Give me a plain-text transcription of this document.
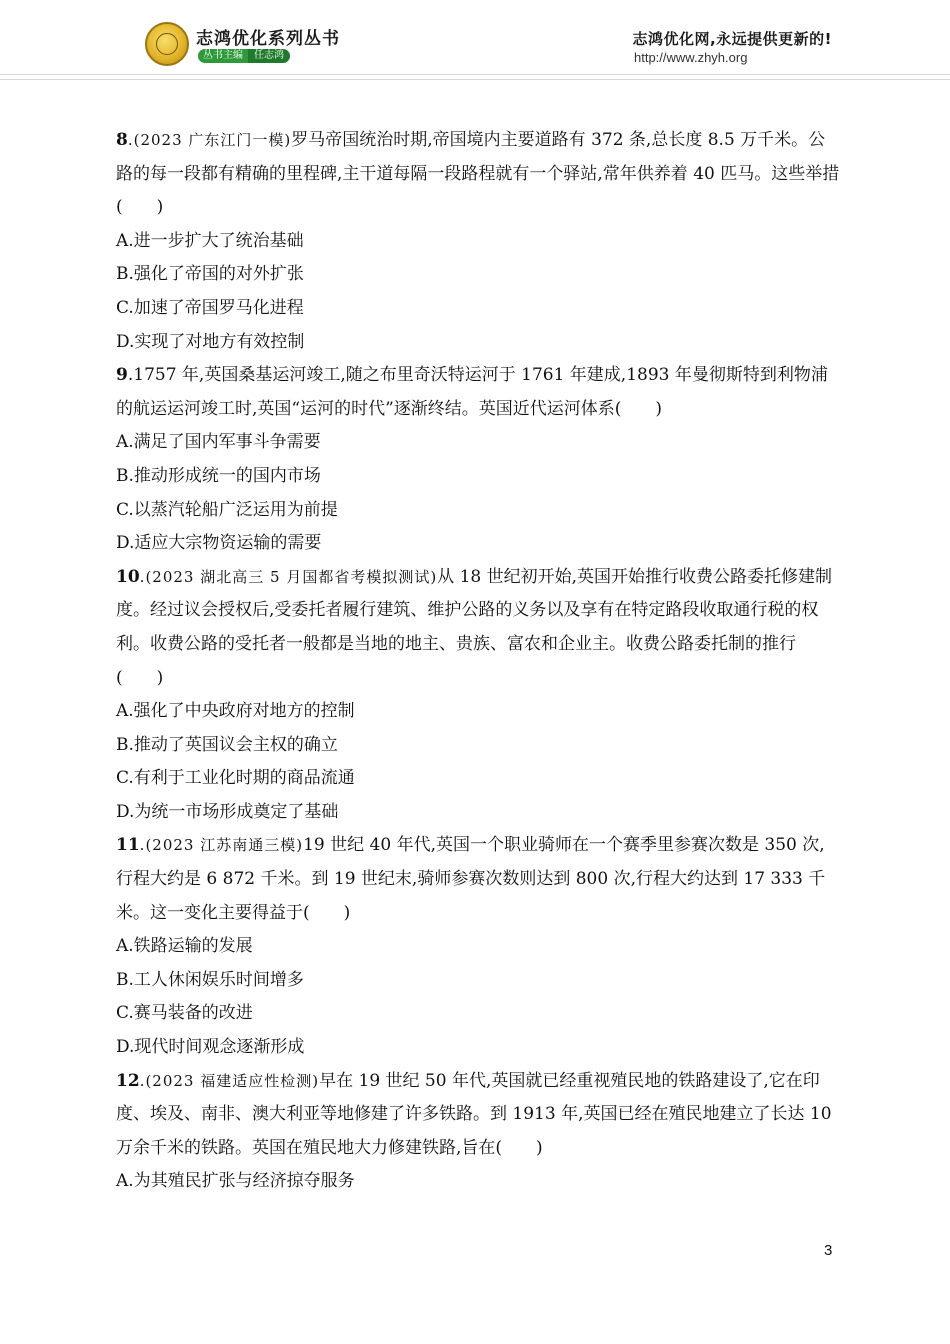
志鸿优化系列丛书
丛书主编	任志鸿
志鸿优化网,永远提供更新的!
http://www.zhyh.org

8.(2023 广东江门一模)罗马帝国统治时期,帝国境内主要道路有 372 条,总长度 8.5 万千米。公路的每一段都有精确的里程碑,主干道每隔一段路程就有一个驿站,常年供养着 40 匹马。这些举措(　　)

A.进一步扩大了统治基础

B.强化了帝国的对外扩张

C.加速了帝国罗马化进程

D.实现了对地方有效控制

9.1757 年,英国桑基运河竣工,随之布里奇沃特运河于 1761 年建成,1893 年曼彻斯特到利物浦的航运运河竣工时,英国“运河的时代”逐渐终结。英国近代运河体系(　　)

A.满足了国内军事斗争需要

B.推动形成统一的国内市场

C.以蒸汽轮船广泛运用为前提

D.适应大宗物资运输的需要

10.(2023 湖北高三 5 月国都省考模拟测试)从 18 世纪初开始,英国开始推行收费公路委托修建制度。经过议会授权后,受委托者履行建筑、维护公路的义务以及享有在特定路段收取通行税的权利。收费公路的受托者一般都是当地的地主、贵族、富农和企业主。收费公路委托制的推行(　　)

A.强化了中央政府对地方的控制

B.推动了英国议会主权的确立

C.有利于工业化时期的商品流通

D.为统一市场形成奠定了基础

11.(2023 江苏南通三模)19 世纪 40 年代,英国一个职业骑师在一个赛季里参赛次数是 350 次,行程大约是 6 872 千米。到 19 世纪末,骑师参赛次数则达到 800 次,行程大约达到 17 333 千米。这一变化主要得益于(　　)

A.铁路运输的发展

B.工人休闲娱乐时间增多

C.赛马装备的改进

D.现代时间观念逐渐形成

12.(2023 福建适应性检测)早在 19 世纪 50 年代,英国就已经重视殖民地的铁路建设了,它在印度、埃及、南非、澳大利亚等地修建了许多铁路。到 1913 年,英国已经在殖民地建立了长达 10 万余千米的铁路。英国在殖民地大力修建铁路,旨在(　　)

A.为其殖民扩张与经济掠夺服务

3
